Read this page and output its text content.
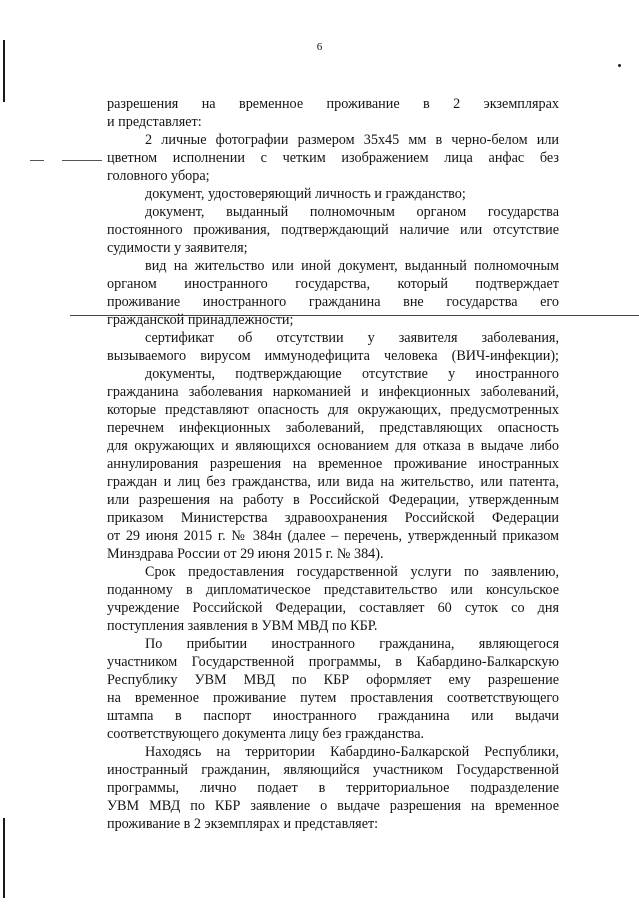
6
разрешения на временное проживание в 2 экземплярах
и представляет:
2 личные фотографии размером 35х45 мм в черно-белом или
цветном исполнении с четким изображением лица анфас без
головного убора;
документ, удостоверяющий личность и гражданство;
документ, выданный полномочным органом государства
постоянного проживания, подтверждающий наличие или отсутствие
судимости у заявителя;
вид на жительство или иной документ, выданный полномочным
органом иностранного государства, который подтверждает
проживание иностранного гражданина вне государства его
гражданской принадлежности;
сертификат об отсутствии у заявителя заболевания,
вызываемого вирусом иммунодефицита человека (ВИЧ-инфекции);
документы, подтверждающие отсутствие у иностранного
гражданина заболевания наркоманией и инфекционных заболеваний,
которые представляют опасность для окружающих, предусмотренных
перечнем инфекционных заболеваний, представляющих опасность
для окружающих и являющихся основанием для отказа в выдаче либо
аннулирования разрешения на временное проживание иностранных
граждан и лиц без гражданства, или вида на жительство, или патента,
или разрешения на работу в Российской Федерации, утвержденным
приказом Министерства здравоохранения Российской Федерации
от 29 июня 2015 г. № 384н (далее – перечень, утвержденный приказом
Минздрава России от 29 июня 2015 г. № 384).
Срок предоставления государственной услуги по заявлению,
поданному в дипломатическое представительство или консульское
учреждение Российской Федерации, составляет 60 суток со дня
поступления заявления в УВМ МВД по КБР.
По прибытии иностранного гражданина, являющегося
участником Государственной программы, в Кабардино-Балкарскую
Республику УВМ МВД по КБР оформляет ему разрешение
на временное проживание путем проставления соответствующего
штампа в паспорт иностранного гражданина или выдачи
соответствующего документа лицу без гражданства.
Находясь на территории Кабардино-Балкарской Республики,
иностранный гражданин, являющийся участником Государственной
программы, лично подает в территориальное подразделение
УВМ МВД по КБР заявление о выдаче разрешения на временное
проживание в 2 экземплярах и представляет:
